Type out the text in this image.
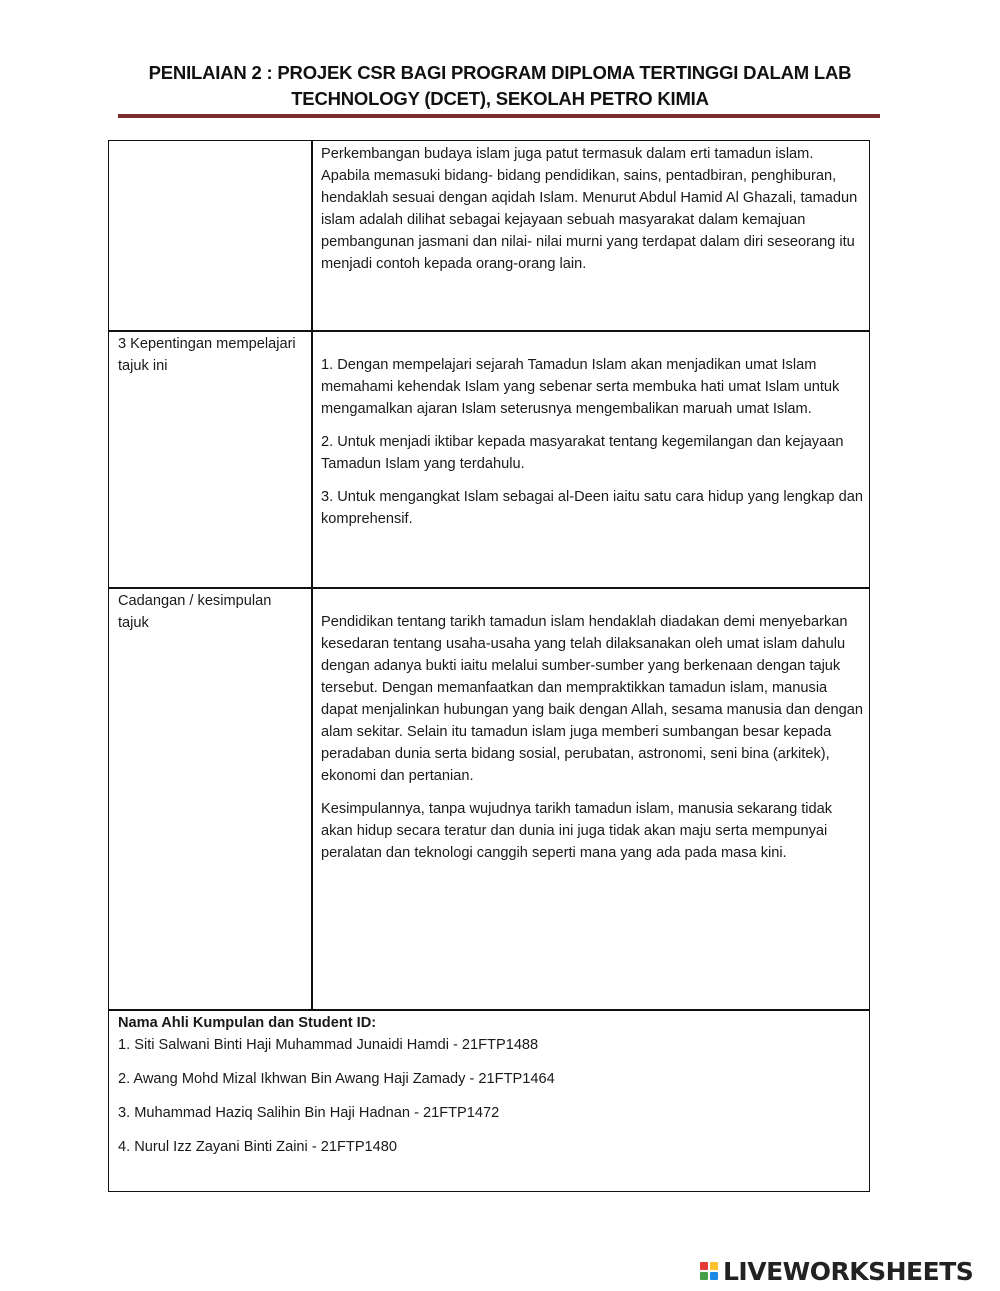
PENILAIAN 2 : PROJEK CSR BAGI PROGRAM DIPLOMA TERTINGGI DALAM LAB
TECHNOLOGY (DCET), SEKOLAH PETRO KIMIA

Perkembangan budaya islam juga patut termasuk dalam erti tamadun islam. Apabila memasuki bidang- bidang pendidikan, sains, pentadbiran, penghiburan, hendaklah sesuai dengan aqidah Islam. Menurut Abdul Hamid Al Ghazali, tamadun islam adalah dilihat sebagai kejayaan sebuah masyarakat dalam kemajuan pembangunan jasmani dan nilai- nilai murni yang terdapat dalam diri seseorang itu menjadi contoh kepada orang-orang lain.

3 Kepentingan mempelajari tajuk ini	1. Dengan mempelajari sejarah Tamadun Islam akan menjadikan umat Islam memahami kehendak Islam yang sebenar serta membuka hati umat Islam untuk mengamalkan ajaran Islam seterusnya mengembalikan maruah umat Islam.

2. Untuk menjadi iktibar kepada masyarakat tentang kegemilangan dan kejayaan Tamadun Islam yang terdahulu.

3. Untuk mengangkat Islam sebagai al-Deen iaitu satu cara hidup yang lengkap dan komprehensif.

Cadangan / kesimpulan tajuk	Pendidikan tentang tarikh tamadun islam hendaklah diadakan demi menyebarkan kesedaran tentang usaha-usaha yang telah dilaksanakan oleh umat islam dahulu dengan adanya bukti iaitu melalui sumber-sumber yang berkenaan dengan tajuk tersebut. Dengan memanfaatkan dan mempraktikkan tamadun islam, manusia dapat menjalinkan hubungan yang baik dengan Allah, sesama manusia dan dengan alam sekitar. Selain itu tamadun islam juga memberi sumbangan besar kepada peradaban dunia serta bidang sosial, perubatan, astronomi, seni bina (arkitek), ekonomi dan pertanian.

Kesimpulannya, tanpa wujudnya tarikh tamadun islam, manusia sekarang tidak akan hidup secara teratur dan dunia ini juga tidak akan maju serta mempunyai peralatan dan teknologi canggih seperti mana yang ada pada masa kini.

Nama Ahli Kumpulan dan Student ID:
1. Siti Salwani Binti Haji Muhammad Junaidi Hamdi - 21FTP1488
2. Awang Mohd Mizal Ikhwan Bin Awang Haji Zamady - 21FTP1464
3. Muhammad Haziq Salihin Bin Haji Hadnan - 21FTP1472
4. Nurul Izz Zayani Binti Zaini - 21FTP1480
LIVEWORKSHEETS
